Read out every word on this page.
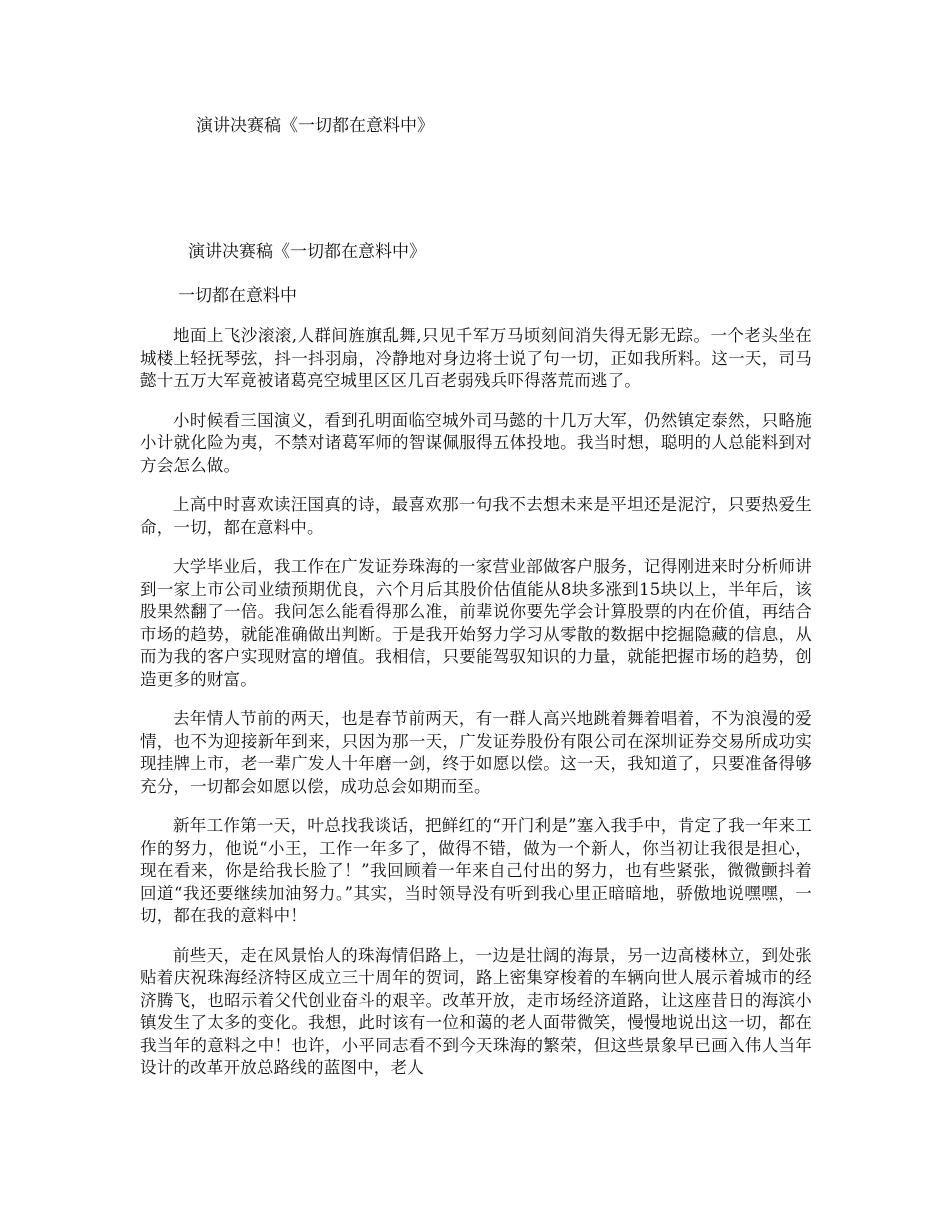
演讲决赛稿《一切都在意料中》
演讲决赛稿《一切都在意料中》
一切都在意料中

地面上飞沙滚滚,人群间旌旗乱舞,只见千军万马顷刻间消失得无影无踪。一个老头坐在城楼上轻抚琴弦，抖一抖羽扇，冷静地对身边将士说了句一切，正如我所料。这一天，司马懿十五万大军竟被诸葛亮空城里区区几百老弱残兵吓得落荒而逃了。

小时候看三国演义，看到孔明面临空城外司马懿的十几万大军，仍然镇定泰然，只略施小计就化险为夷，不禁对诸葛军师的智谋佩服得五体投地。我当时想，聪明的人总能料到对方会怎么做。

上高中时喜欢读汪国真的诗，最喜欢那一句我不去想未来是平坦还是泥泞，只要热爱生命，一切，都在意料中。

大学毕业后，我工作在广发证券珠海的一家营业部做客户服务，记得刚进来时分析师讲到一家上市公司业绩预期优良，六个月后其股价估值能从8块多涨到15块以上，半年后，该股果然翻了一倍。我问怎么能看得那么准，前辈说你要先学会计算股票的内在价值，再结合市场的趋势，就能准确做出判断。于是我开始努力学习从零散的数据中挖掘隐藏的信息，从而为我的客户实现财富的增值。我相信，只要能驾驭知识的力量，就能把握市场的趋势，创造更多的财富。

去年情人节前的两天，也是春节前两天，有一群人高兴地跳着舞着唱着，不为浪漫的爱情，也不为迎接新年到来，只因为那一天，广发证券股份有限公司在深圳证券交易所成功实现挂牌上市，老一辈广发人十年磨一剑，终于如愿以偿。这一天，我知道了，只要准备得够充分，一切都会如愿以偿，成功总会如期而至。

新年工作第一天，叶总找我谈话，把鲜红的“开门利是”塞入我手中，肯定了我一年来工作的努力，他说“小王，工作一年多了，做得不错，做为一个新人，你当初让我很是担心，现在看来，你是给我长脸了！”我回顾着一年来自己付出的努力，也有些紧张，微微颤抖着回道“我还要继续加油努力。”其实，当时领导没有听到我心里正暗暗地，骄傲地说嘿嘿，一切，都在我的意料中！

前些天，走在风景怡人的珠海情侣路上，一边是壮阔的海景，另一边高楼林立，到处张贴着庆祝珠海经济特区成立三十周年的贺词，路上密集穿梭着的车辆向世人展示着城市的经济腾飞，也昭示着父代创业奋斗的艰辛。改革开放，走市场经济道路，让这座昔日的海滨小镇发生了太多的变化。我想，此时该有一位和蔼的老人面带微笑，慢慢地说出这一切，都在我当年的意料之中！也许，小平同志看不到今天珠海的繁荣，但这些景象早已画入伟人当年设计的改革开放总路线的蓝图中，老人
